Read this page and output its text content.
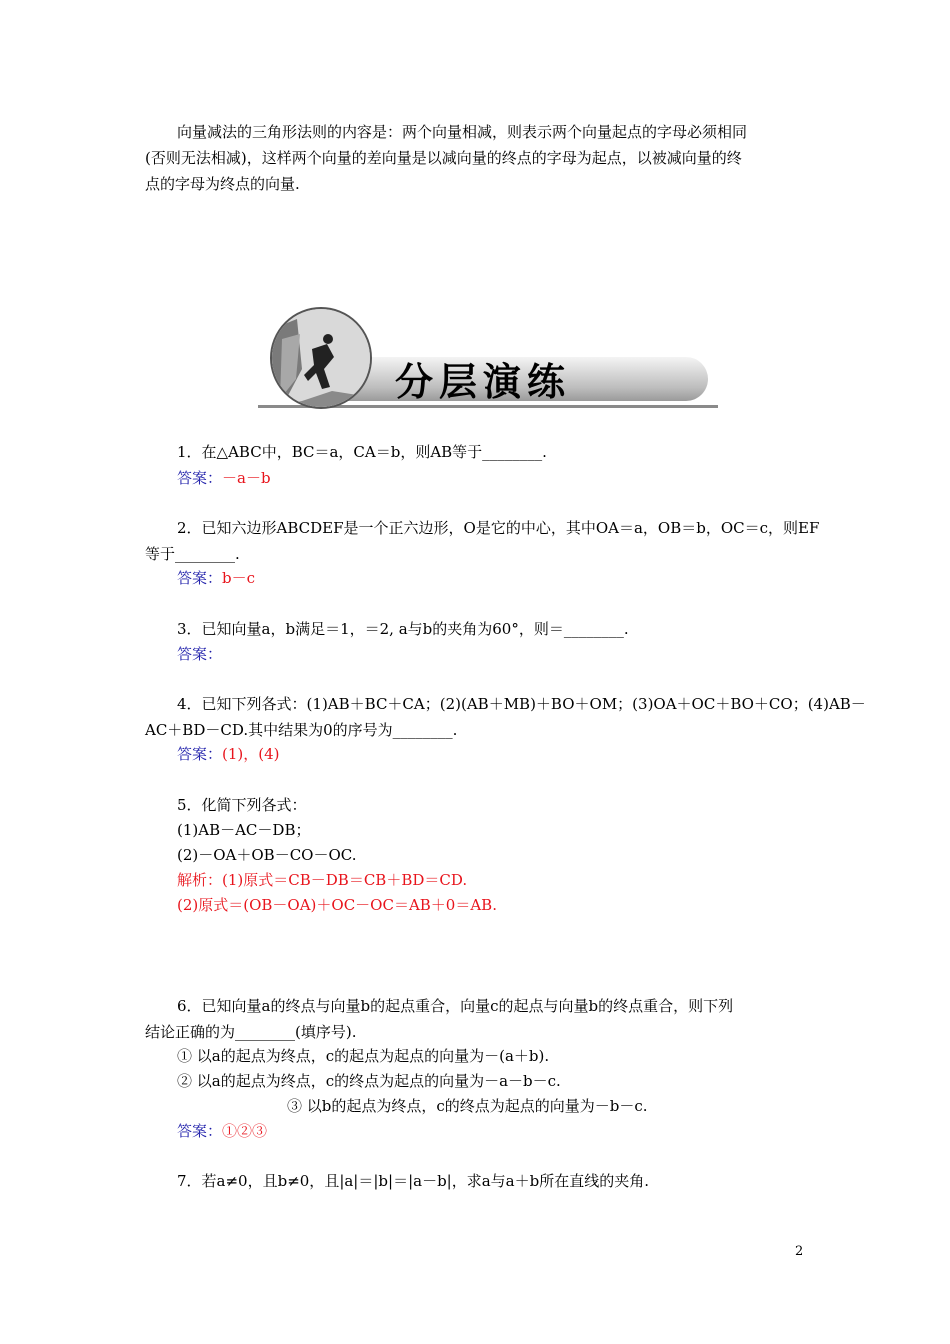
向量减法的三角形法则的内容是：两个向量相减，则表示两个向量起点的字母必须相同
(否则无法相减)，这样两个向量的差向量是以减向量的终点的字母为起点，以被减向量的终
点的字母为终点的向量.
分层演练
1．在△ABC中，BC＝a，CA＝b，则AB等于________.
答案：－a－b
2．已知六边形ABCDEF是一个正六边形，O是它的中心，其中OA＝a，OB＝b，OC＝c，则EF
等于________.
答案：b－c
3．已知向量a，b满足＝1，＝2, a与b的夹角为60°，则＝________.
答案：
4．已知下列各式：(1)AB＋BC＋CA；(2)(AB＋MB)＋BO＋OM；(3)OA＋OC＋BO＋CO；(4)AB－
AC＋BD－CD.其中结果为0的序号为________.
答案：(1)，(4)
5．化简下列各式：
(1)AB－AC－DB；
(2)－OA＋OB－CO－OC.
解析：(1)原式＝CB－DB＝CB＋BD＝CD.
(2)原式＝(OB－OA)＋OC－OC＝AB＋0＝AB.
6．已知向量a的终点与向量b的起点重合，向量c的起点与向量b的终点重合，则下列
结论正确的为________(填序号).
① 以a的起点为终点，c的起点为起点的向量为－(a＋b).
② 以a的起点为终点，c的终点为起点的向量为－a－b－c.
③ 以b的起点为终点，c的终点为起点的向量为－b－c.
答案：①②③
7．若a≠0，且b≠0，且|a|＝|b|＝|a－b|，求a与a＋b所在直线的夹角.
2
